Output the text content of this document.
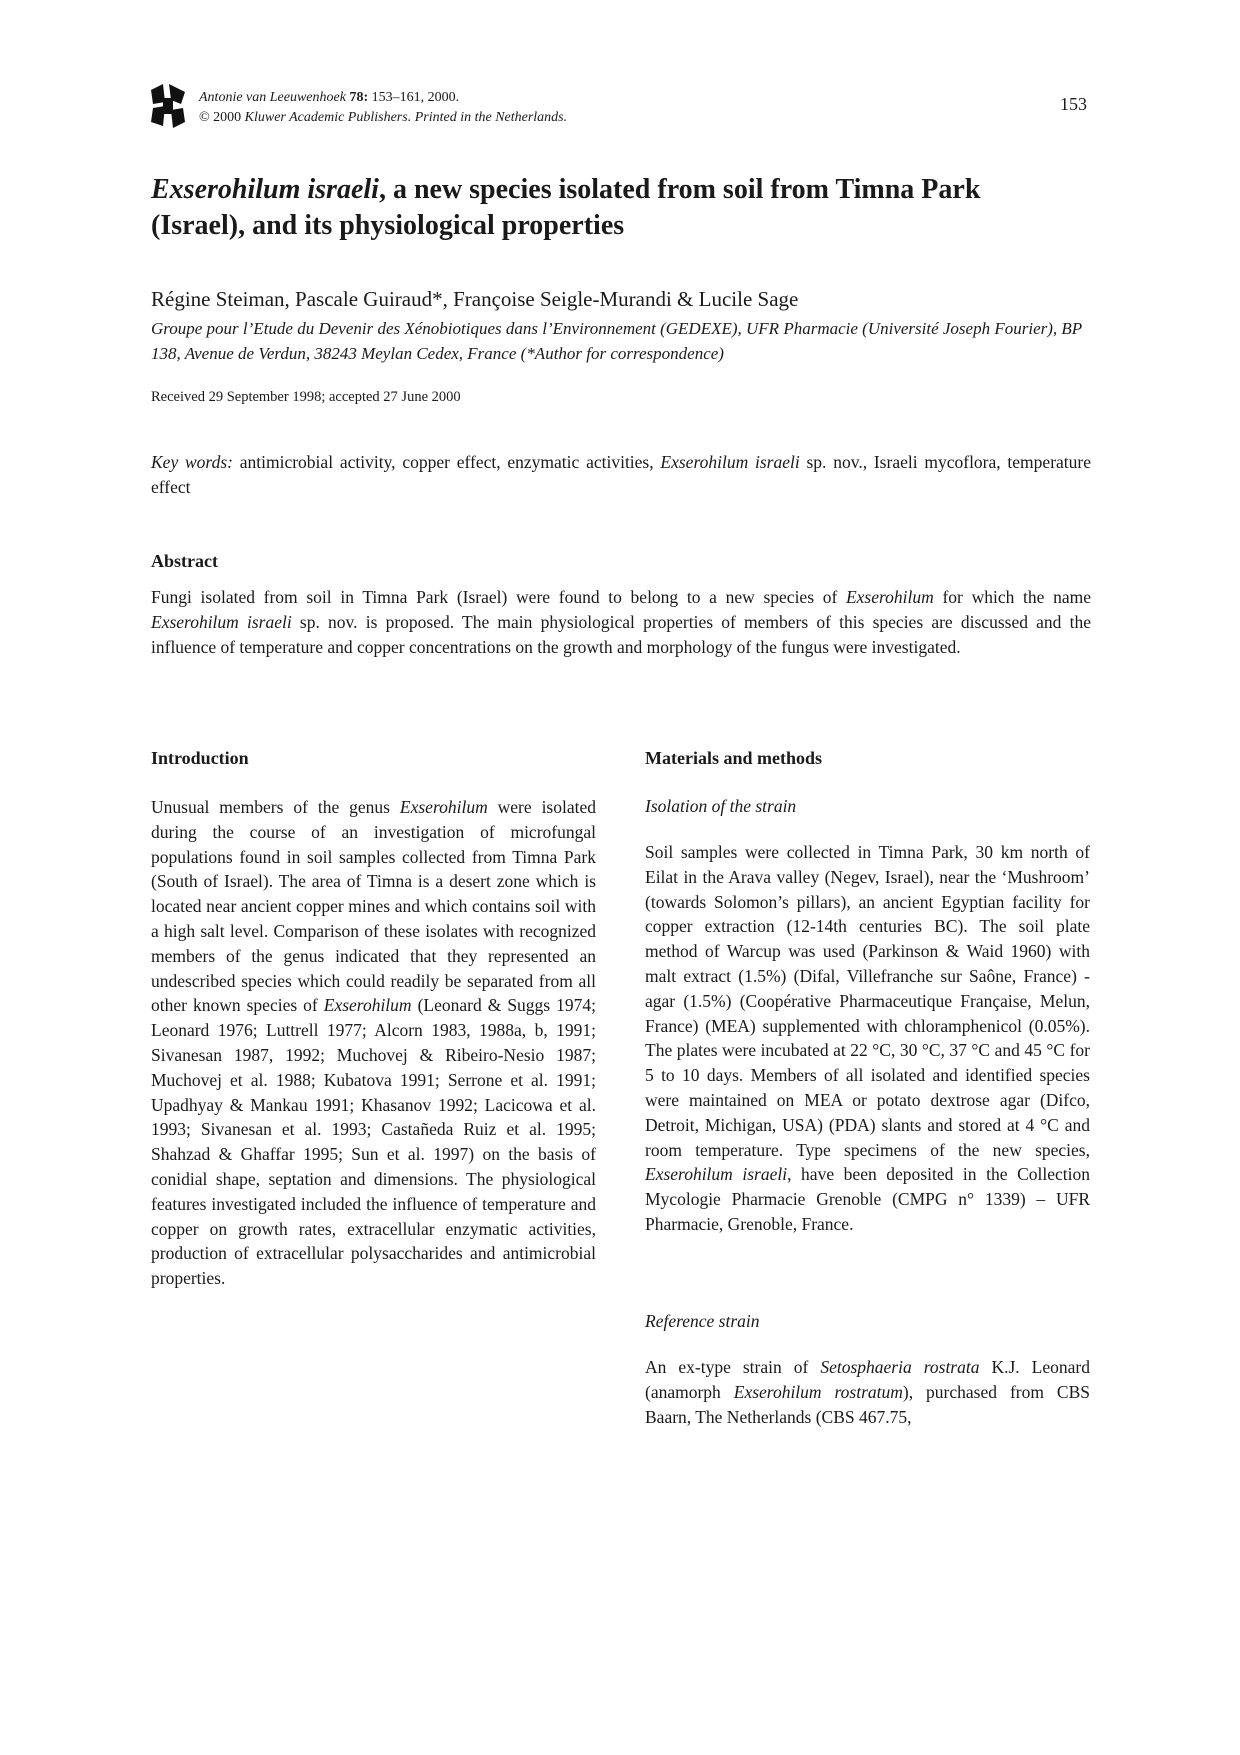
Antonie van Leeuwenhoek 78: 153–161, 2000.
© 2000 Kluwer Academic Publishers. Printed in the Netherlands.
153
Exserohilum israeli, a new species isolated from soil from Timna Park
(Israel), and its physiological properties
Régine Steiman, Pascale Guiraud*, Françoise Seigle-Murandi & Lucile Sage
Groupe pour l’Etude du Devenir des Xénobiotiques dans l’Environnement (GEDEXE), UFR Pharmacie (Université Joseph Fourier), BP 138, Avenue de Verdun, 38243 Meylan Cedex, France (*Author for correspondence)
Received 29 September 1998; accepted 27 June 2000
Key words: antimicrobial activity, copper effect, enzymatic activities, Exserohilum israeli sp. nov., Israeli mycoflora, temperature effect
Abstract
Fungi isolated from soil in Timna Park (Israel) were found to belong to a new species of Exserohilum for which the name Exserohilum israeli sp. nov. is proposed. The main physiological properties of members of this species are discussed and the influence of temperature and copper concentrations on the growth and morphology of the fungus were investigated.
Introduction

Unusual members of the genus Exserohilum were isolated during the course of an investigation of microfungal populations found in soil samples collected from Timna Park (South of Israel). The area of Timna is a desert zone which is located near ancient copper mines and which contains soil with a high salt level. Comparison of these isolates with recognized members of the genus indicated that they represented an undescribed species which could readily be separated from all other known species of Exserohilum (Leonard & Suggs 1974; Leonard 1976; Luttrell 1977; Alcorn 1983, 1988a, b, 1991; Sivanesan 1987, 1992; Muchovej & Ribeiro-Nesio 1987; Muchovej et al. 1988; Kubatova 1991; Serrone et al. 1991; Upadhyay & Mankau 1991; Khasanov 1992; Lacicowa et al. 1993; Sivanesan et al. 1993; Castañeda Ruiz et al. 1995; Shahzad & Ghaffar 1995; Sun et al. 1997) on the basis of conidial shape, septation and dimensions. The physiological features investigated included the influence of temperature and copper on growth rates, extracellular enzymatic activities, production of extracellular polysaccharides and antimicrobial properties.

Materials and methods
Isolation of the strain

Soil samples were collected in Timna Park, 30 km north of Eilat in the Arava valley (Negev, Israel), near the ‘Mushroom’ (towards Solomon’s pillars), an ancient Egyptian facility for copper extraction (12-14th centuries BC). The soil plate method of Warcup was used (Parkinson & Waid 1960) with malt extract (1.5%) (Difal, Villefranche sur Saône, France) - agar (1.5%) (Coopérative Pharmaceutique Française, Melun, France) (MEA) supplemented with chloramphenicol (0.05%). The plates were incubated at 22 °C, 30 °C, 37 °C and 45 °C for 5 to 10 days. Members of all isolated and identified species were maintained on MEA or potato dextrose agar (Difco, Detroit, Michigan, USA) (PDA) slants and stored at 4 °C and room temperature. Type specimens of the new species, Exserohilum israeli, have been deposited in the Collection Mycologie Pharmacie Grenoble (CMPG n° 1339) – UFR Pharmacie, Grenoble, France.

Reference strain

An ex-type strain of Setosphaeria rostrata K.J. Leonard (anamorph Exserohilum rostratum), purchased from CBS Baarn, The Netherlands (CBS 467.75,
